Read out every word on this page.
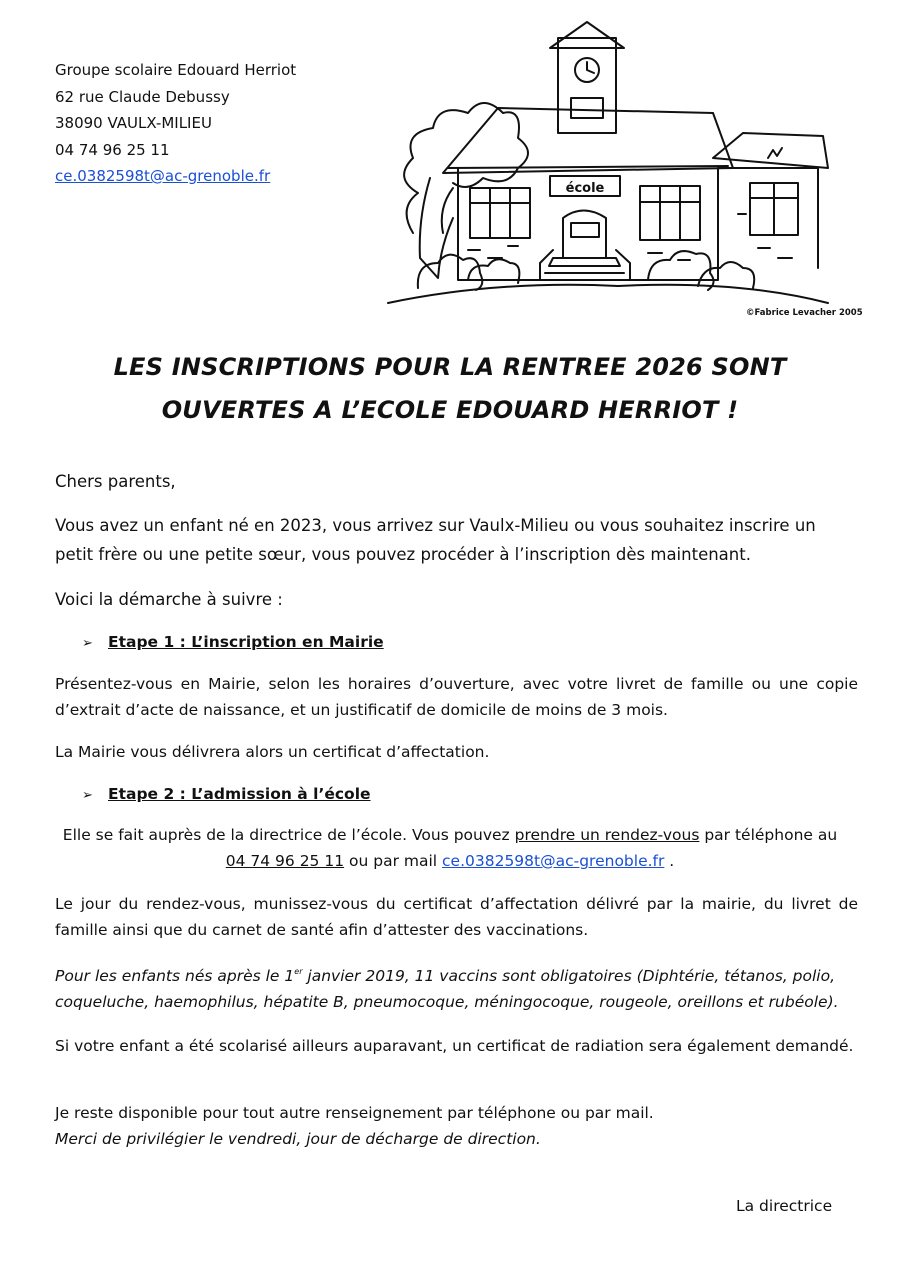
Groupe scolaire Edouard Herriot
62 rue Claude Debussy
38090 VAULX-MILIEU
04 74 96 25 11
ce.0382598t@ac-grenoble.fr
école
©Fabrice Levacher 2005
LES INSCRIPTIONS POUR LA RENTREE 2026 SONT
OUVERTES A L’ECOLE EDOUARD HERRIOT !
Chers parents,
Vous avez un enfant né en 2023, vous arrivez sur Vaulx-Milieu ou vous souhaitez inscrire un petit frère ou une petite sœur, vous pouvez procéder à l’inscription dès maintenant.
Voici la démarche à suivre :
➢ Etape 1 : L’inscription en Mairie
Présentez-vous en Mairie, selon les horaires d’ouverture, avec votre livret de famille ou une copie d’extrait d’acte de naissance, et un justificatif de domicile de moins de 3 mois.
La Mairie vous délivrera alors un certificat d’affectation.
➢ Etape 2 : L’admission à l’école
Elle se fait auprès de la directrice de l’école. Vous pouvez prendre un rendez-vous par téléphone au
04 74 96 25 11 ou par mail ce.0382598t@ac-grenoble.fr .
Le jour du rendez-vous, munissez-vous du certificat d’affectation délivré par la mairie, du livret de famille ainsi que du carnet de santé afin d’attester des vaccinations.
Pour les enfants nés après le 1er janvier 2019, 11 vaccins sont obligatoires (Diphtérie, tétanos, polio, coqueluche, haemophilus, hépatite B, pneumocoque, méningocoque, rougeole, oreillons et rubéole).
Si votre enfant a été scolarisé ailleurs auparavant, un certificat de radiation sera également demandé.
Je reste disponible pour tout autre renseignement par téléphone ou par mail.
Merci de privilégier le vendredi, jour de décharge de direction.
La directrice
